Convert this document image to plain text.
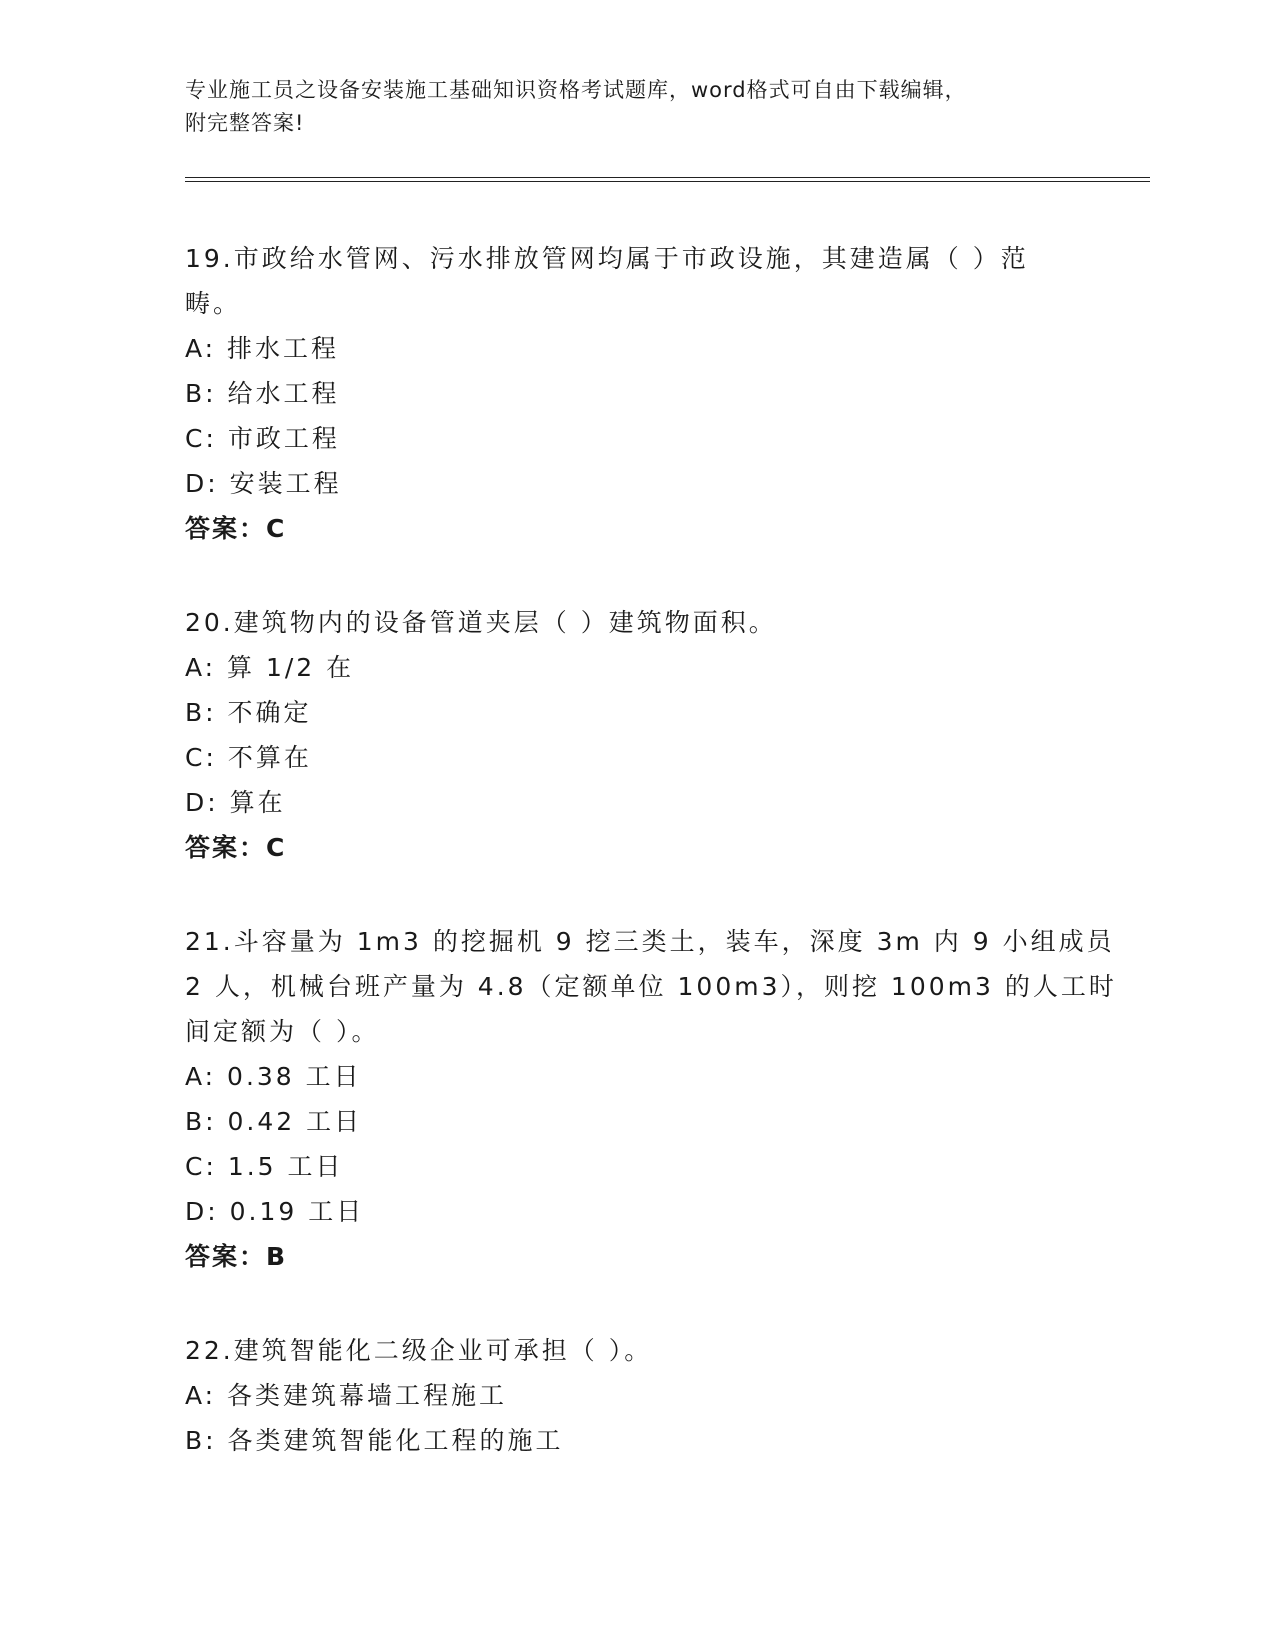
专业施工员之设备安装施工基础知识资格考试题库，word格式可自由下载编辑，
附完整答案!
19.市政给水管网、污水排放管网均属于市政设施，其建造属（ ）范
畴。
A: 排水工程
B: 给水工程
C: 市政工程
D: 安装工程
答案：C
20.建筑物内的设备管道夹层（ ）建筑物面积。
A: 算 1/2 在
B: 不确定
C: 不算在
D: 算在
答案：C
21.斗容量为 1m3 的挖掘机 9 挖三类土，装车，深度 3m 内 9 小组成员
2 人，机械台班产量为 4.8（定额单位 100m3），则挖 100m3 的人工时
间定额为（ ）。
A: 0.38 工日
B: 0.42 工日
C: 1.5 工日
D: 0.19 工日
答案：B
22.建筑智能化二级企业可承担（ ）。
A: 各类建筑幕墙工程施工
B: 各类建筑智能化工程的施工
